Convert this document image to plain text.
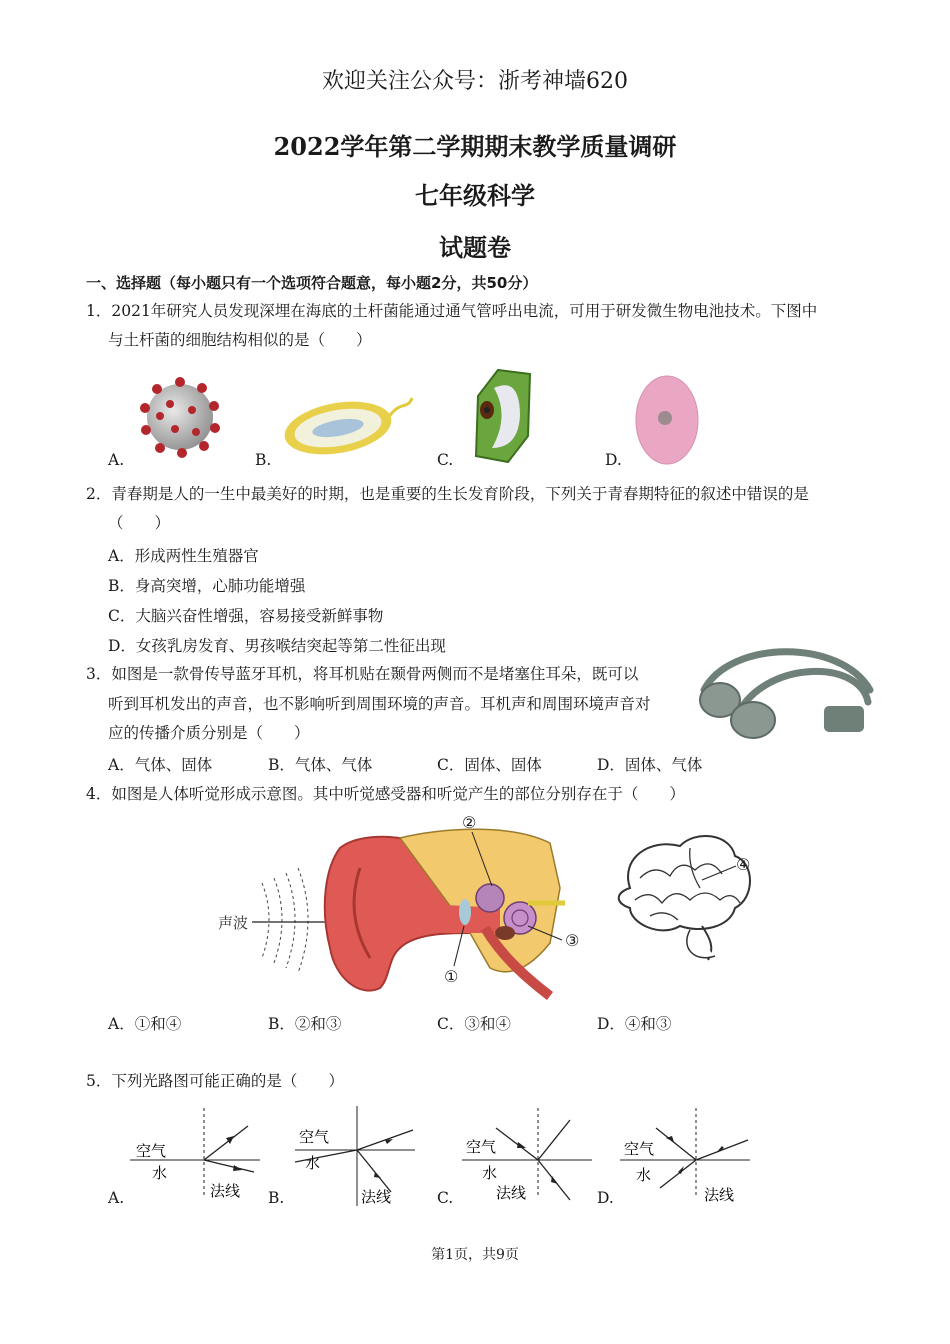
欢迎关注公众号：浙考神墙620
2022学年第二学期期末教学质量调研
七年级科学
试题卷
一、选择题（每小题只有一个选项符合题意，每小题2分，共50分）
1．2021年研究人员发现深埋在海底的土杆菌能通过通气管呼出电流，可用于研发微生物电池技术。下图中
与土杆菌的细胞结构相似的是（　　）
A.	B.	C.	D.
2．青春期是人的一生中最美好的时期，也是重要的生长发育阶段，下列关于青春期特征的叙述中错误的是
（　　）
A．形成两性生殖器官
B．身高突增，心肺功能增强
C．大脑兴奋性增强，容易接受新鲜事物
D．女孩乳房发育、男孩喉结突起等第二性征出现
3．如图是一款骨传导蓝牙耳机，将耳机贴在颞骨两侧而不是堵塞住耳朵，既可以
听到耳机发出的声音，也不影响听到周围环境的声音。耳机声和周围环境声音对
应的传播介质分别是（　　）
A．气体、固体	B．气体、气体	C．固体、固体	D．固体、气体
4．如图是人体听觉形成示意图。其中听觉感受器和听觉产生的部位分别存在于（　　）
声波
②
③
①
④
A．①和④	B．②和③	C．③和④	D．④和③
5．下列光路图可能正确的是（　　）
空气
水
法线
A.
空气
水
法线
B.
空气
水
法线
C.
空气
水
法线
D.
第1页，共9页
